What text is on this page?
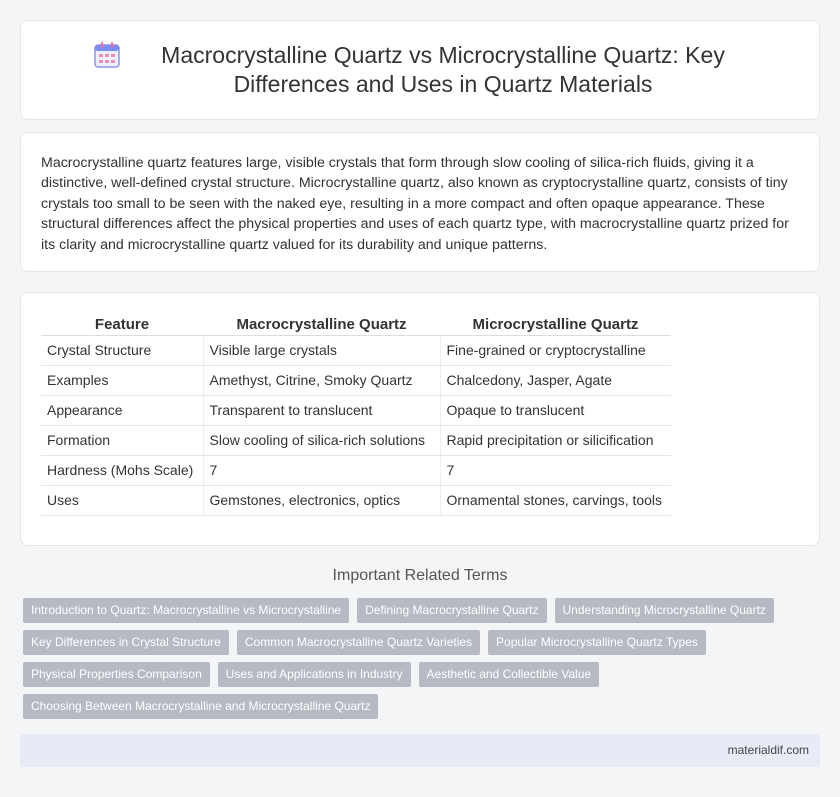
Macrocrystalline Quartz vs Microcrystalline Quartz: Key Differences and Uses in Quartz Materials

Macrocrystalline quartz features large, visible crystals that form through slow cooling of silica-rich fluids, giving it a distinctive, well-defined crystal structure. Microcrystalline quartz, also known as cryptocrystalline quartz, consists of tiny crystals too small to be seen with the naked eye, resulting in a more compact and often opaque appearance. These structural differences affect the physical properties and uses of each quartz type, with macrocrystalline quartz prized for its clarity and microcrystalline quartz valued for its durability and unique patterns.

Feature	Macrocrystalline Quartz	Microcrystalline Quartz
Crystal Structure	Visible large crystals	Fine-grained or cryptocrystalline
Examples	Amethyst, Citrine, Smoky Quartz	Chalcedony, Jasper, Agate
Appearance	Transparent to translucent	Opaque to translucent
Formation	Slow cooling of silica-rich solutions	Rapid precipitation or silicification
Hardness (Mohs Scale)	7	7
Uses	Gemstones, electronics, optics	Ornamental stones, carvings, tools
Important Related Terms
Introduction to Quartz: Macrocrystalline vs Microcrystalline	Defining Macrocrystalline Quartz	Understanding Microcrystalline Quartz
Key Differences in Crystal Structure	Common Macrocrystalline Quartz Varieties	Popular Microcrystalline Quartz Types
Physical Properties Comparison	Uses and Applications in Industry	Aesthetic and Collectible Value
Choosing Between Macrocrystalline and Microcrystalline Quartz
materialdif.com
